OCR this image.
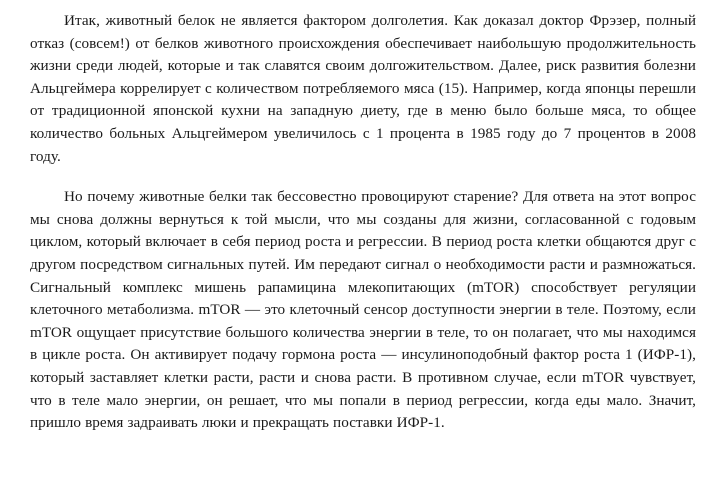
Итак, животный белок не является фактором долголетия. Как доказал доктор Фрэзер, полный отказ (совсем!) от белков животного происхождения обеспечивает наибольшую продолжительность жизни среди людей, которые и так славятся своим долгожительством. Далее, риск развития болезни Альцгеймера коррелирует с количеством потребляемого мяса (15). Например, когда японцы перешли от традиционной японской кухни на западную диету, где в меню было больше мяса, то общее количество больных Альцгеймером увеличилось с 1 процента в 1985 году до 7 процентов в 2008 году.

Но почему животные белки так бессовестно провоцируют старение? Для ответа на этот вопрос мы снова должны вернуться к той мысли, что мы созданы для жизни, согласованной с годовым циклом, который включает в себя период роста и регрессии. В период роста клетки общаются друг с другом посредством сигнальных путей. Им передают сигнал о необходимости расти и размножаться. Сигнальный комплекс мишень рапамицина млекопитающих (mTOR) способствует регуляции клеточного метаболизма. mTOR — это клеточный сенсор доступности энергии в теле. Поэтому, если mTOR ощущает присутствие большого количества энергии в теле, то он полагает, что мы находимся в цикле роста. Он активирует подачу гормона роста — инсулиноподобный фактор роста 1 (ИФР-1), который заставляет клетки расти, расти и снова расти. В противном случае, если mTOR чувствует, что в теле мало энергии, он решает, что мы попали в период регрессии, когда еды мало. Значит, пришло время задраивать люки и прекращать поставки ИФР-1.
